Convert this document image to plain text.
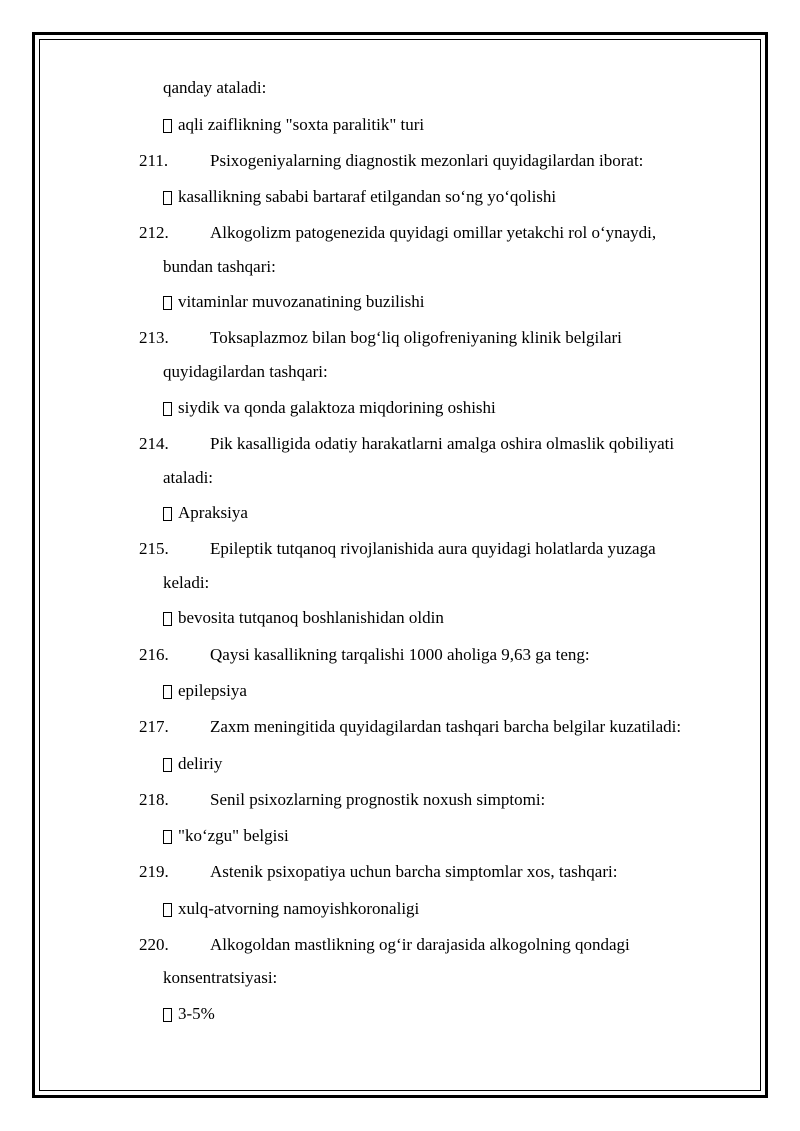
qanday ataladi:
aqli zaiflikning "soxta paralitik" turi
211. Psixogeniyalarning diagnostik mezonlari quyidagilardan iborat:
kasallikning sababi bartaraf etilgandan so‘ng yo‘qolishi
212. Alkogolizm patogenezida quyidagi omillar yetakchi rol o‘ynaydi,
bundan tashqari:
vitaminlar muvozanatining buzilishi
213. Toksaplazmoz bilan bog‘liq oligofreniyaning klinik belgilari
quyidagilardan tashqari:
siydik va qonda galaktoza miqdorining oshishi
214. Pik kasalligida odatiy harakatlarni amalga oshira olmaslik qobiliyati
ataladi:
Apraksiya
215. Epileptik tutqanoq rivojlanishida aura quyidagi holatlarda yuzaga
keladi:
bevosita tutqanoq boshlanishidan oldin
216. Qaysi kasallikning tarqalishi 1000 aholiga 9,63 ga teng:
epilepsiya
217. Zaxm meningitida quyidagilardan tashqari barcha belgilar kuzatiladi:
deliriy
218. Senil psixozlarning prognostik noxush simptomi:
"ko‘zgu" belgisi
219. Astenik psixopatiya uchun barcha simptomlar xos, tashqari:
xulq-atvorning namoyishkoronaligi
220. Alkogoldan mastlikning og‘ir darajasida alkogolning qondagi
konsentratsiyasi:
3-5%
